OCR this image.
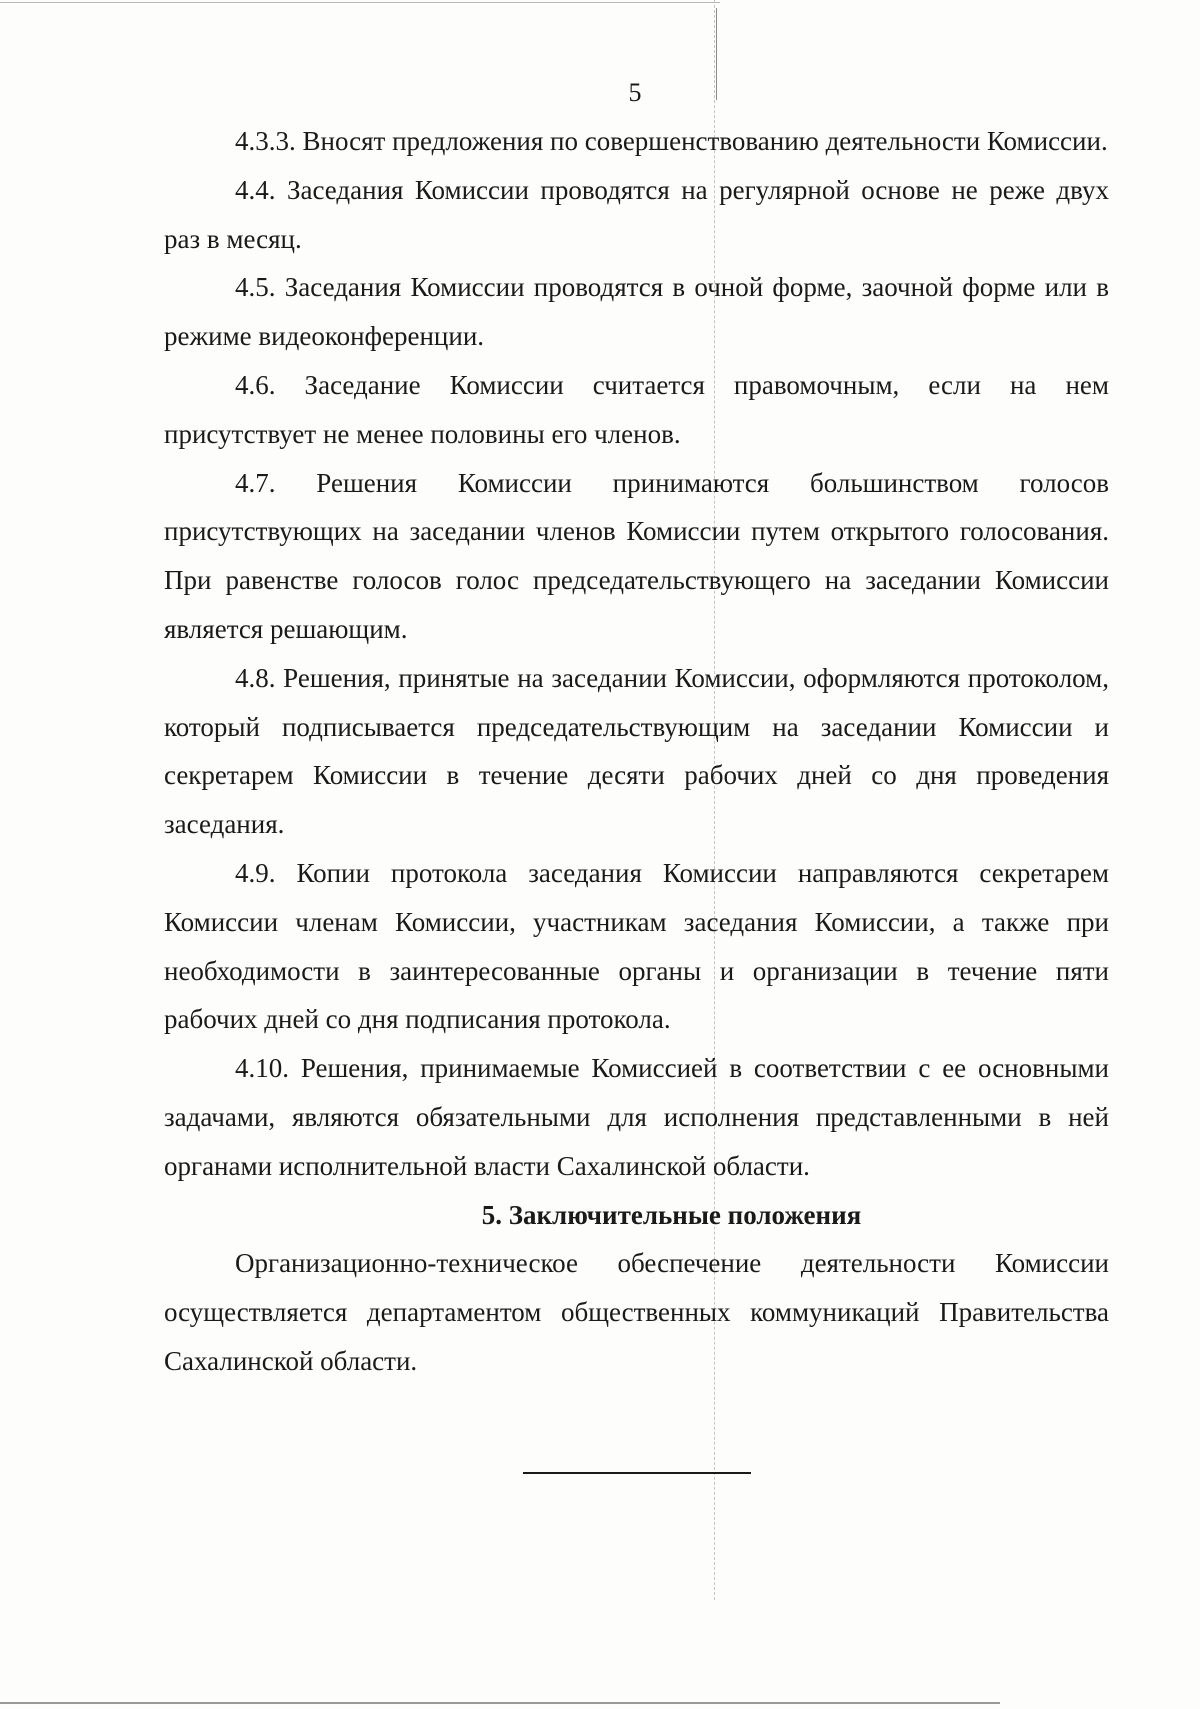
5

4.3.3. Вносят предложения по совершенствованию деятельности Комиссии.

4.4. Заседания Комиссии проводятся на регулярной основе не реже двух раз в месяц.

4.5. Заседания Комиссии проводятся в очной форме, заочной форме или в режиме видеоконференции.

4.6. Заседание Комиссии считается правомочным, если на нем присутствует не менее половины его членов.

4.7. Решения Комиссии принимаются большинством голосов присутствующих на заседании членов Комиссии путем открытого голосования. При равенстве голосов голос председательствующего на заседании Комиссии является решающим.

4.8. Решения, принятые на заседании Комиссии, оформляются протоколом, который подписывается председательствующим на заседании Комиссии и секретарем Комиссии в течение десяти рабочих дней со дня проведения заседания.

4.9. Копии протокола заседания Комиссии направляются секретарем Комиссии членам Комиссии, участникам заседания Комиссии, а также при необходимости в заинтересованные органы и организации в течение пяти рабочих дней со дня подписания протокола.

4.10. Решения, принимаемые Комиссией в соответствии с ее основными задачами, являются обязательными для исполнения представленными в ней органами исполнительной власти Сахалинской области.

5. Заключительные положения

Организационно-техническое обеспечение деятельности Комиссии осуществляется департаментом общественных коммуникаций Правительства Сахалинской области.
